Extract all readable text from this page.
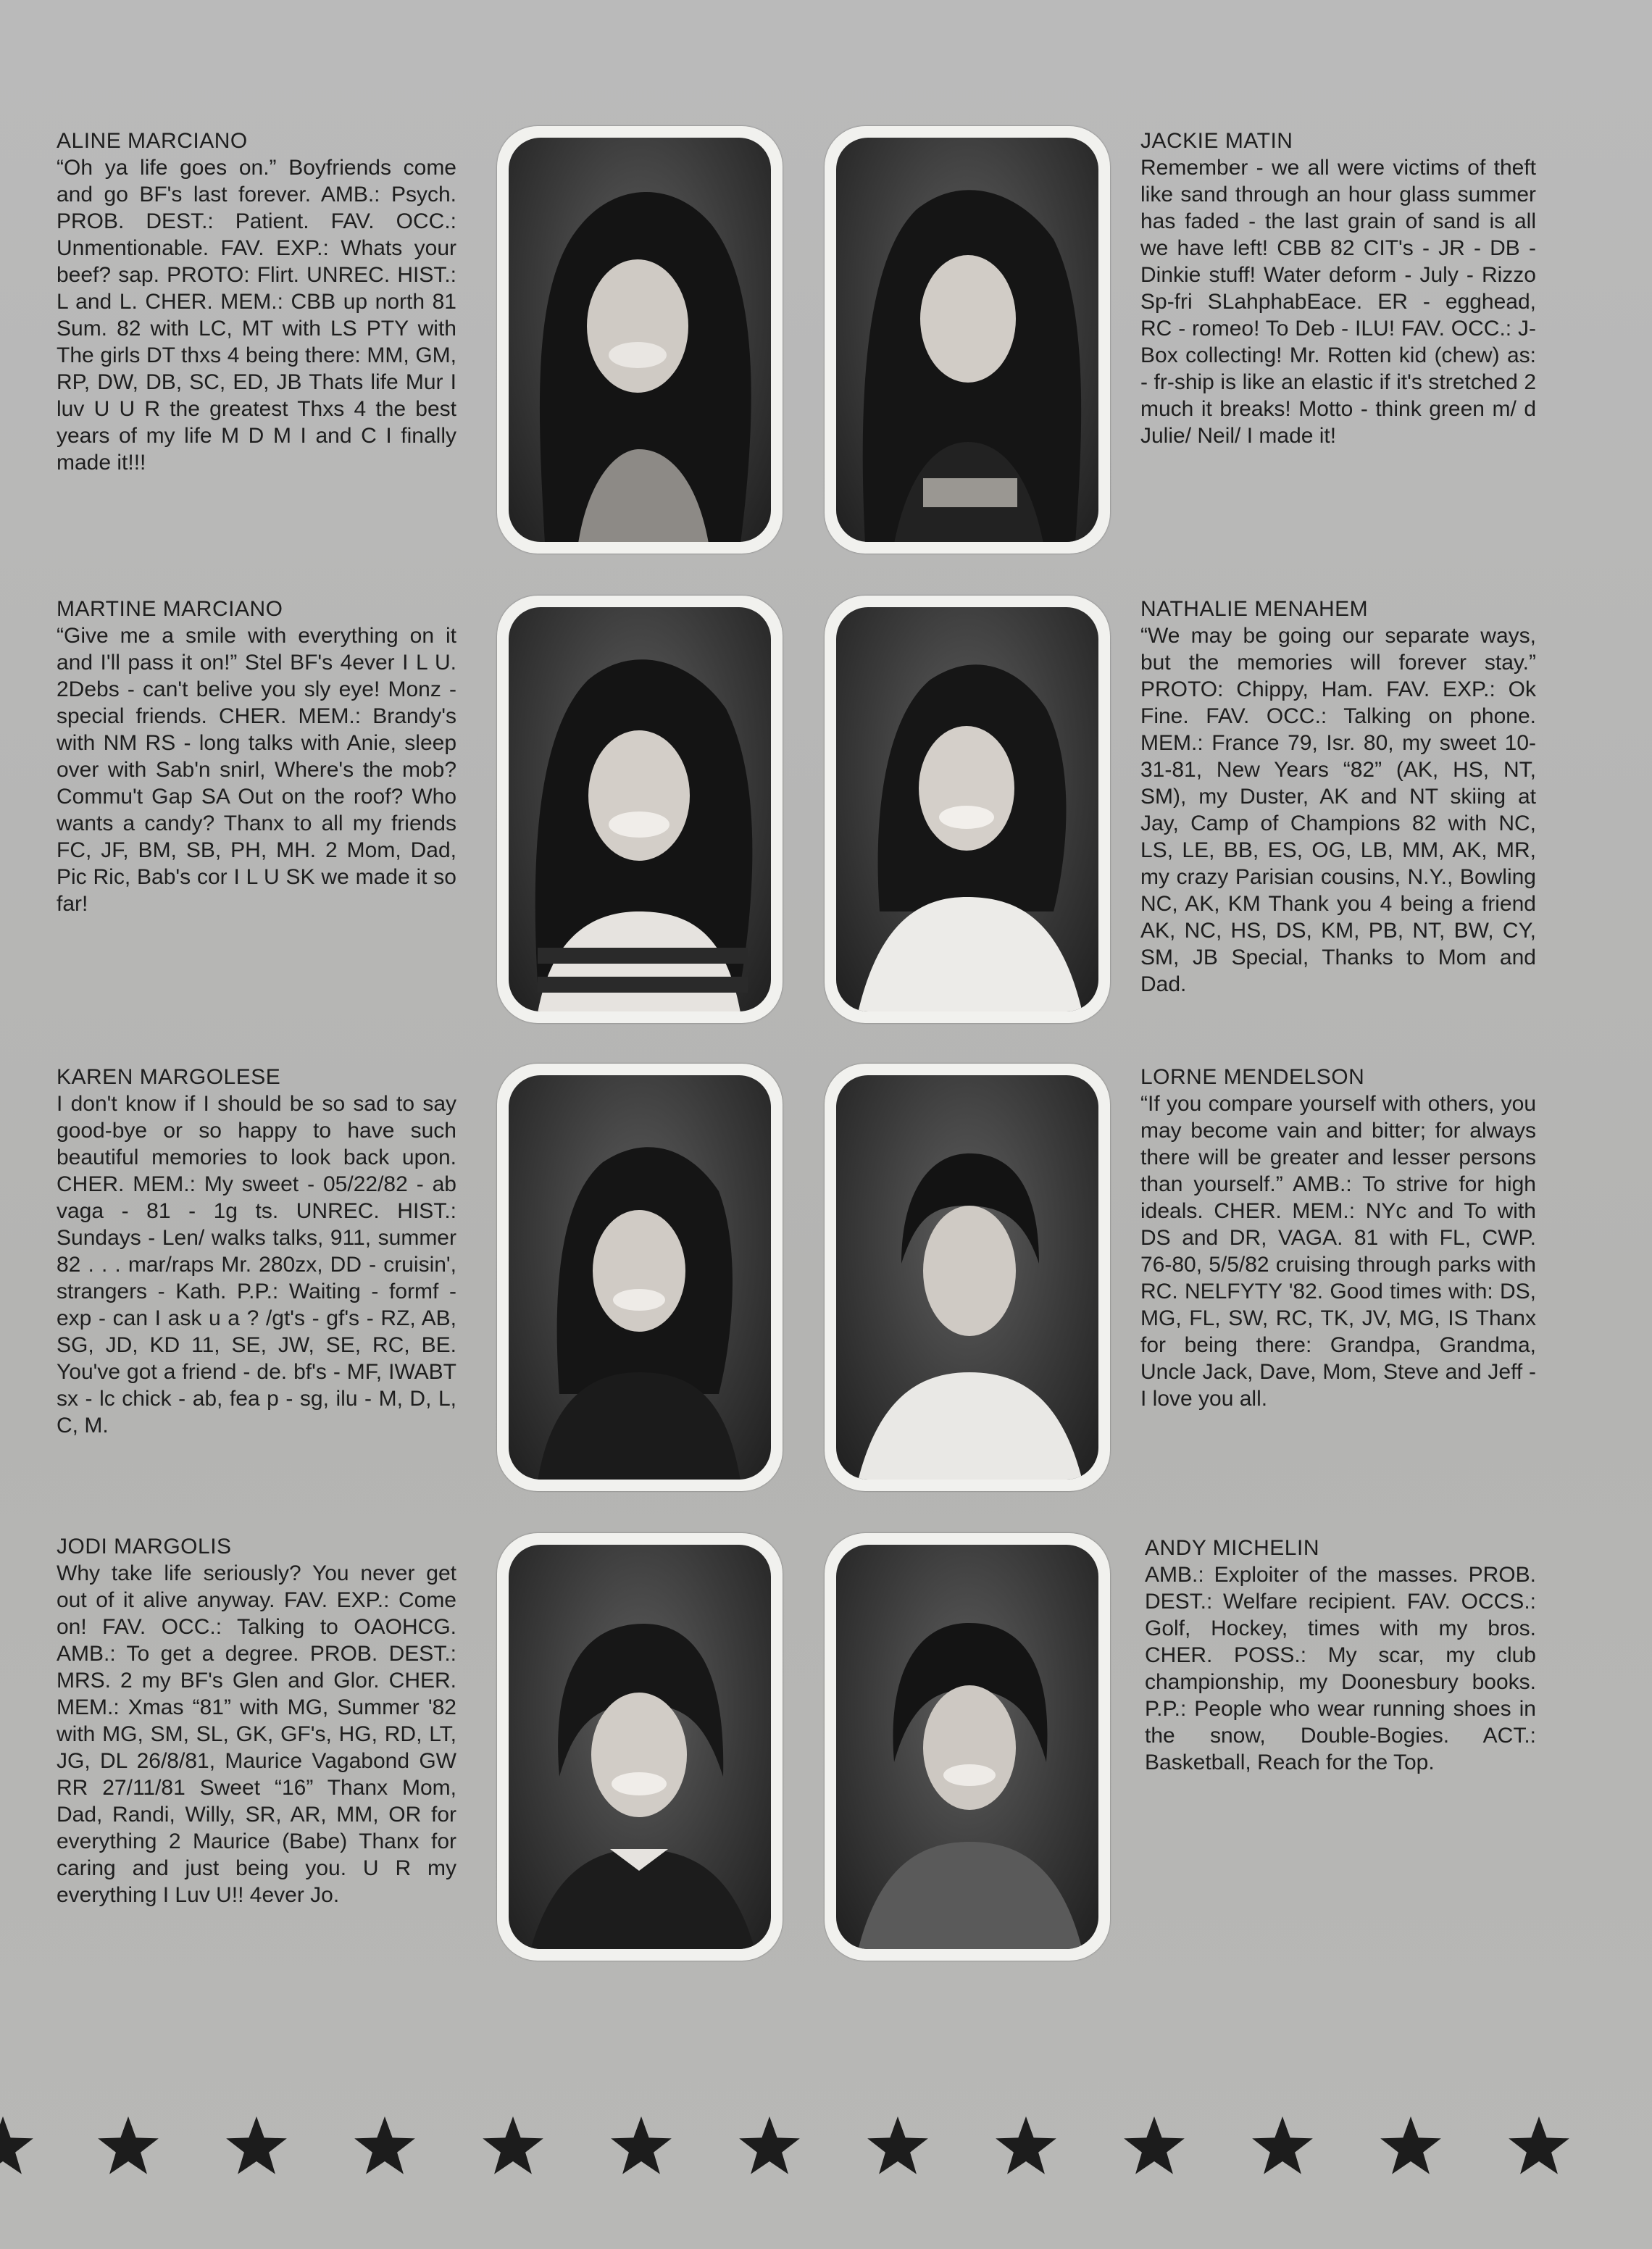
ALINE MARCIANO

“Oh ya life goes on.” Boyfriends come and go BF's last forever. AMB.: Psych. PROB. DEST.: Patient. FAV. OCC.: Unmentionable. FAV. EXP.: Whats your beef? sap. PROTO: Flirt. UNREC. HIST.: L and L. CHER. MEM.: CBB up north 81 Sum. 82 with LC, MT with LS PTY with The girls DT thxs 4 being there: MM, GM, RP, DW, DB, SC, ED, JB Thats life Mur I luv U U R the greatest Thxs 4 the best years of my life M D M I and C I finally made it!!!

JACKIE MATIN

Remember - we all were victims of theft like sand through an hour glass summer has faded - the last grain of sand is all we have left! CBB 82 CIT's - JR - DB - Dinkie stuff! Water deform - July - Rizzo Sp-fri SLahphabEace. ER - egghead, RC - romeo! To Deb - ILU! FAV. OCC.: J-Box collecting! Mr. Rotten kid (chew) as: - fr-ship is like an elastic if it's stretched 2 much it breaks! Motto - think green m/ d Julie/ Neil/ I made it!

MARTINE MARCIANO

“Give me a smile with everything on it and I'll pass it on!” Stel BF's 4ever I L U. 2Debs - can't belive you sly eye! Monz - special friends. CHER. MEM.: Brandy's with NM RS - long talks with Anie, sleep over with Sab'n snirl, Where's the mob? Commu't Gap SA Out on the roof? Who wants a candy? Thanx to all my friends FC, JF, BM, SB, PH, MH. 2 Mom, Dad, Pic Ric, Bab's cor I L U SK we made it so far!

NATHALIE MENAHEM

“We may be going our separate ways, but the memories will forever stay.” PROTO: Chippy, Ham. FAV. EXP.: Ok Fine. FAV. OCC.: Talking on phone. MEM.: France 79, Isr. 80, my sweet 10-31-81, New Years “82” (AK, HS, NT, SM), my Duster, AK and NT skiing at Jay, Camp of Champions 82 with NC, LS, LE, BB, ES, OG, LB, MM, AK, MR, my crazy Parisian cousins, N.Y., Bowling NC, AK, KM Thank you 4 being a friend AK, NC, HS, DS, KM, PB, NT, BW, CY, SM, JB Special, Thanks to Mom and Dad.

KAREN MARGOLESE

I don't know if I should be so sad to say good-bye or so happy to have such beautiful memories to look back upon. CHER. MEM.: My sweet - 05/22/82 - ab vaga - 81 - 1g ts. UNREC. HIST.: Sundays - Len/ walks talks, 911, summer 82 . . . mar/raps Mr. 280zx, DD - cruisin', strangers - Kath. P.P.: Waiting - formf - exp - can I ask u a ? /gt's - gf's - RZ, AB, SG, JD, KD 11, SE, JW, SE, RC, BE. You've got a friend - de. bf's - MF, IWABT sx - lc chick - ab, fea p - sg, ilu - M, D, L, C, M.

LORNE MENDELSON

“If you compare yourself with others, you may become vain and bitter; for always there will be greater and lesser persons than yourself.” AMB.: To strive for high ideals. CHER. MEM.: NYc and To with DS and DR, VAGA. 81 with FL, CWP. 76-80, 5/5/82 cruising through parks with RC. NELFYTY '82. Good times with: DS, MG, FL, SW, RC, TK, JV, MG, IS Thanx for being there: Grandpa, Grandma, Uncle Jack, Dave, Mom, Steve and Jeff - I love you all.

JODI MARGOLIS

Why take life seriously? You never get out of it alive anyway. FAV. EXP.: Come on! FAV. OCC.: Talking to OAOHCG. AMB.: To get a degree. PROB. DEST.: MRS. 2 my BF's Glen and Glor. CHER. MEM.: Xmas “81” with MG, Summer '82 with MG, SM, SL, GK, GF's, HG, RD, LT, JG, DL 26/8/81, Maurice Vagabond GW RR 27/11/81 Sweet “16” Thanx Mom, Dad, Randi, Willy, SR, AR, MM, OR for everything 2 Maurice (Babe) Thanx for caring and just being you. U R my everything I Luv U!! 4ever Jo.

ANDY MICHELIN

AMB.: Exploiter of the masses. PROB. DEST.: Welfare recipient. FAV. OCCS.: Golf, Hockey, times with my bros. CHER. POSS.: My scar, my club championship, my Doonesbury books. P.P.: People who wear running shoes in the snow, Double-Bogies. ACT.: Basketball, Reach for the Top.
